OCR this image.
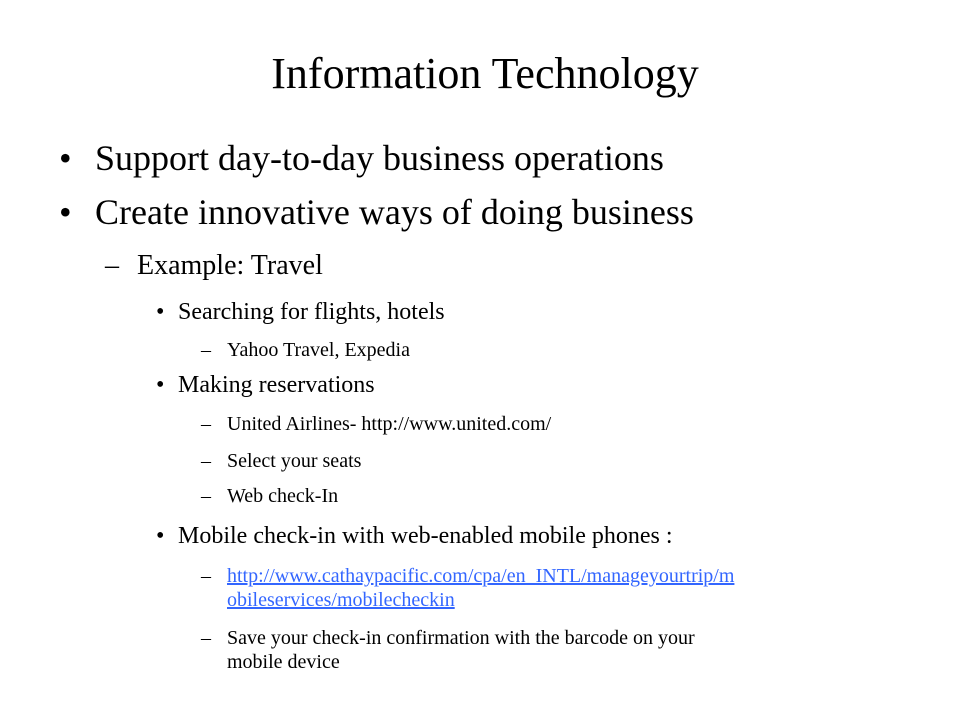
Information Technology
• Support day-to-day business operations
• Create innovative ways of doing business
– Example: Travel
• Searching for flights, hotels
– Yahoo Travel, Expedia
• Making reservations
– United Airlines- http://www.united.com/
– Select your seats
– Web check-In
• Mobile check-in with web-enabled mobile phones :
– http://www.cathaypacific.com/cpa/en_INTL/manageyourtrip/m
obileservices/mobilecheckin
– Save your check-in confirmation with the barcode on your
mobile device
